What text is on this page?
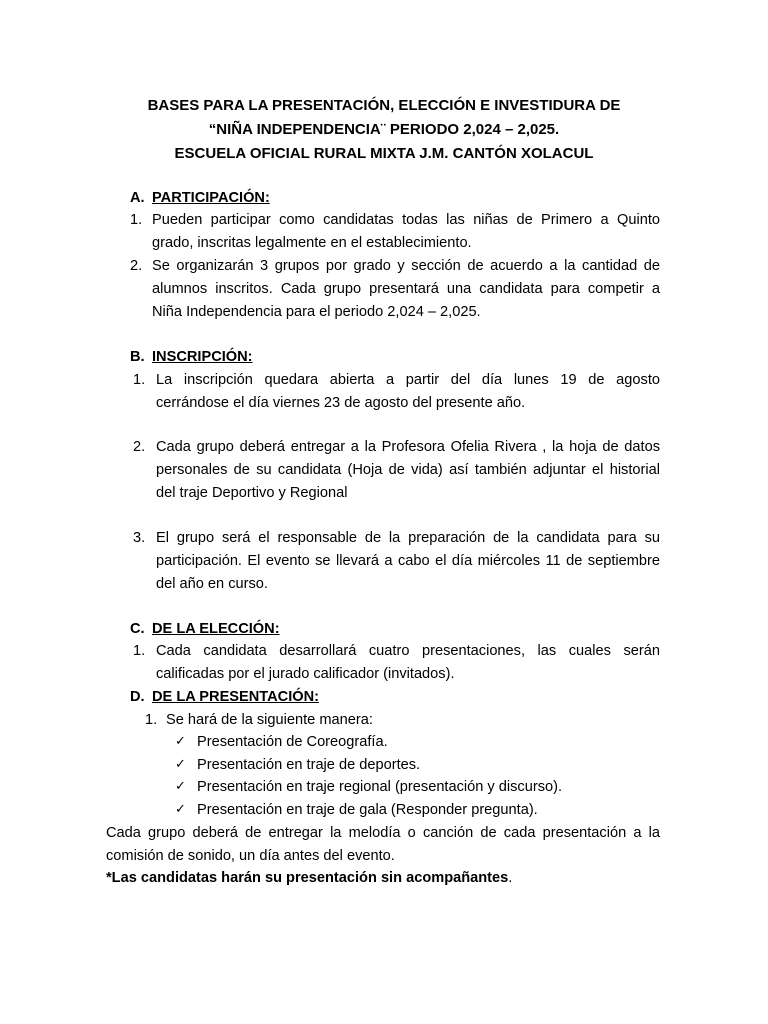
BASES PARA LA PRESENTACIÓN, ELECCIÓN E INVESTIDURA DE
“NIÑA INDEPENDENCIA¨ PERIODO 2,024 – 2,025.
ESCUELA OFICIAL RURAL MIXTA J.M. CANTÓN XOLACUL
A. PARTICIPACIÓN:
1. Pueden participar como candidatas todas las niñas de Primero a Quinto
grado, inscritas legalmente en el establecimiento.
2. Se organizarán 3 grupos por grado y sección de acuerdo a la cantidad de
alumnos inscritos. Cada grupo presentará una candidata para competir a
Niña Independencia para el periodo 2,024 – 2,025.
B. INSCRIPCIÓN:
1. La inscripción quedara abierta a partir del día lunes 19 de agosto
cerrándose el día viernes 23 de agosto del presente año.
2. Cada grupo deberá entregar a la Profesora Ofelia Rivera , la hoja de datos
personales de su candidata (Hoja de vida) así también adjuntar el historial
del traje Deportivo y Regional
3. El grupo será el responsable de la preparación de la candidata para su
participación. El evento se llevará a cabo el día miércoles 11 de septiembre
del año en curso.
C. DE LA ELECCIÓN:
1. Cada candidata desarrollará cuatro presentaciones, las cuales serán
calificadas por el jurado calificador (invitados).
D. DE LA PRESENTACIÓN:
1. Se hará de la siguiente manera:
✓ Presentación de Coreografía.
✓ Presentación en traje de deportes.
✓ Presentación en traje regional (presentación y discurso).
✓ Presentación en traje de gala (Responder pregunta).
Cada grupo deberá de entregar la melodía o canción de cada presentación a la
comisión de sonido, un día antes del evento.
*Las candidatas harán su presentación sin acompañantes.
